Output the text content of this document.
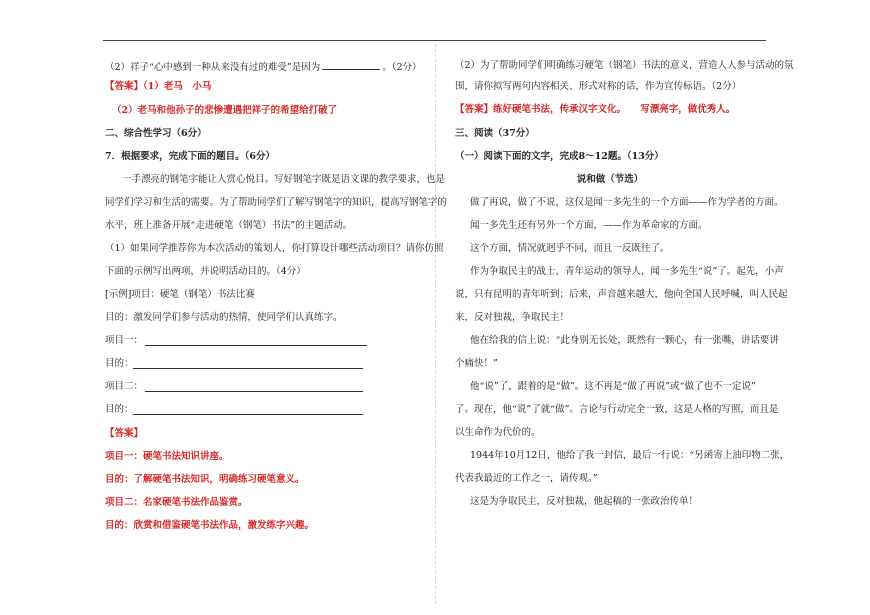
（2）祥子“心中感到一种从来没有过的难受”是因为	。（2分）
【答案】（1）老马　小马
（2）老马和他孙子的悲惨遭遇把祥子的希望给打破了
二、综合性学习（6分）
7．根据要求，完成下面的题目。（6分）
一手漂亮的钢笔字能让人赏心悦目。写好钢笔字既是语文课的教学要求，也是
同学们学习和生活的需要。为了帮助同学们了解写钢笔字的知识，提高写钢笔字的
水平，班上准备开展“走进硬笔（钢笔）书法”的主题活动。
（1）如果同学推荐你为本次活动的策划人，你打算设计哪些活动项目？请你仿照
下面的示例写出两项，并说明活动目的。（4分）
[示例]项目：硬笔（钢笔）书法比赛
目的：激发同学们参与活动的热情，使同学们认真练字。
项目一：
目的：
项目二：
目的：
【答案】
项目一：硬笔书法知识讲座。
目的：了解硬笔书法知识，明确练习硬笔意义。
项目二：名家硬笔书法作品鉴赏。
目的：欣赏和借鉴硬笔书法作品，激发练字兴趣。
（2）为了帮助同学们明确练习硬笔（钢笔）书法的意义，营造人人参与活动的氛
围，请你拟写两句内容相关、形式对称的话，作为宣传标语。（2分）
【答案】练好硬笔书法，传承汉字文化。　　写漂亮字，做优秀人。
三、阅读（37分）
（一）阅读下面的文字，完成8～12题。（13分）
说和做（节选）
做了再说，做了不说，这仅是闻一多先生的一个方面——作为学者的方面。
闻一多先生还有另外一个方面，——作为革命家的方面。
这个方面，情况就迥乎不同，而且一反既往了。
作为争取民主的战士，青年运动的领导人，闻一多先生“说”了。起先，小声
说，只有昆明的青年听到；后来，声音越来越大，他向全国人民呼喊，叫人民起
来，反对独裁，争取民主！
他在给我的信上说：“此身别无长处，既然有一颗心，有一张嘴，讲话要讲
个痛快！”
他“说”了，跟着的是“做”。这不再是“做了再说”或“做了也不一定说”
了。现在，他“说”了就“做”。言论与行动完全一致，这是人格的写照，而且是
以生命作为代价的。
1944年10月12日，他给了我一封信，最后一行说：“另函寄上油印物二张，
代表我最近的工作之一，请传观。”
这是为争取民主，反对独裁，他起稿的一张政治传单！
